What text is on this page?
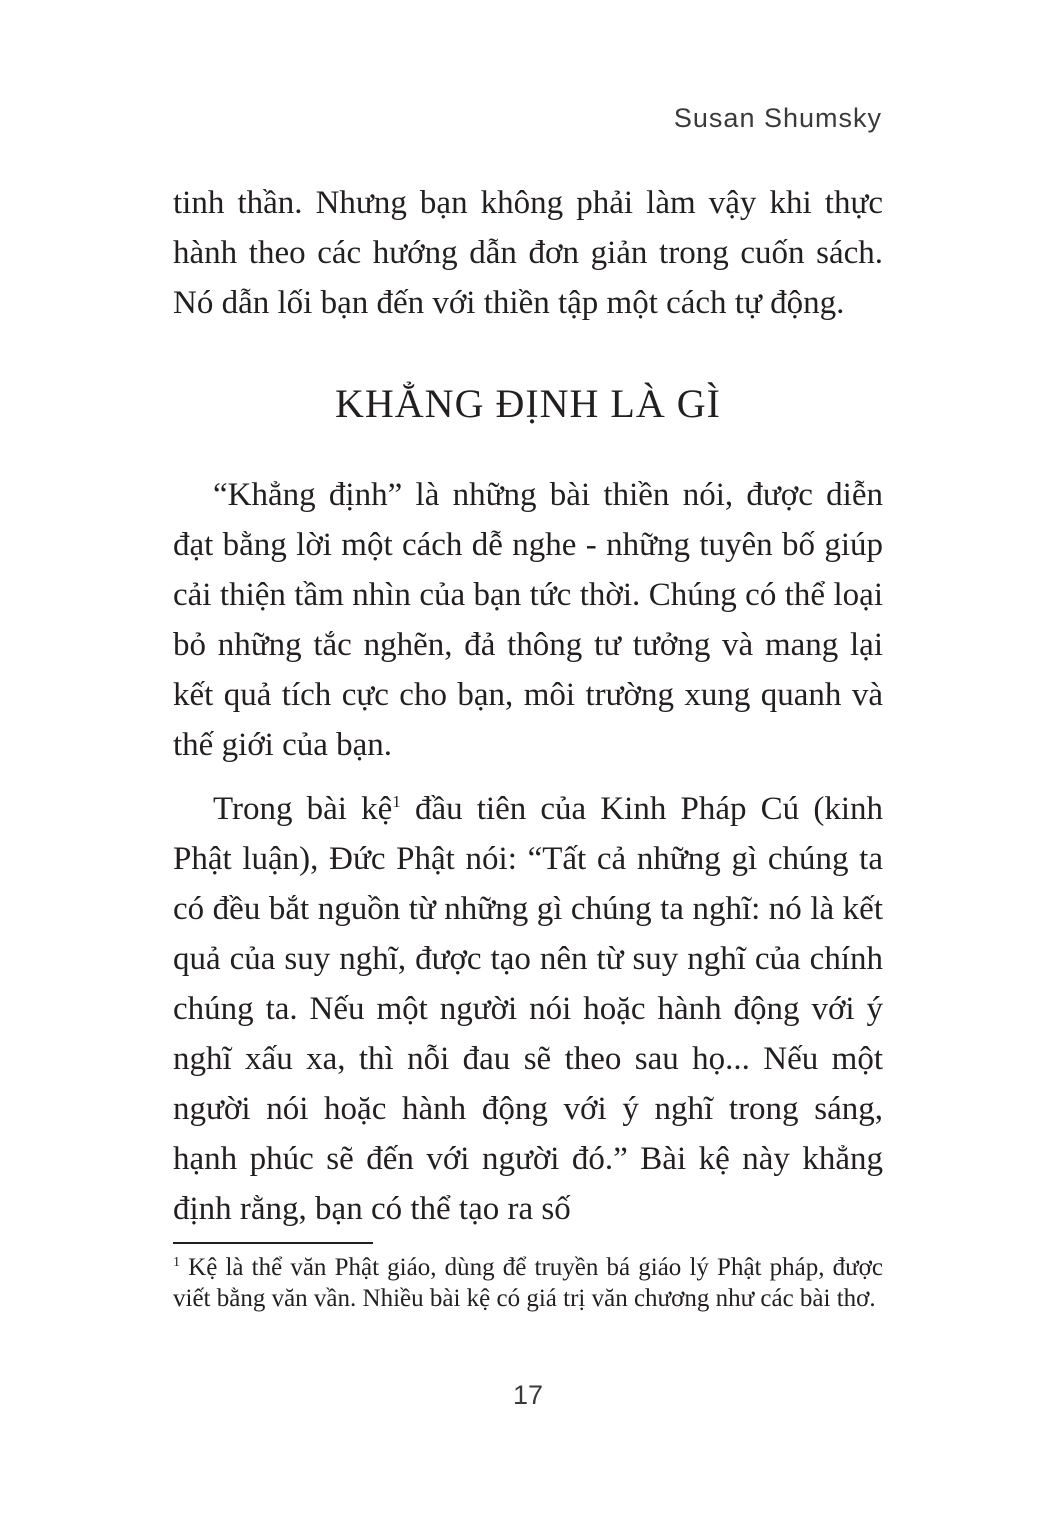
Susan Shumsky

tinh thần. Nhưng bạn không phải làm vậy khi thực hành theo các hướng dẫn đơn giản trong cuốn sách. Nó dẫn lối bạn đến với thiền tập một cách tự động.

KHẲNG ĐỊNH LÀ GÌ

“Khẳng định” là những bài thiền nói, được diễn đạt bằng lời một cách dễ nghe - những tuyên bố giúp cải thiện tầm nhìn của bạn tức thời. Chúng có thể loại bỏ những tắc nghẽn, đả thông tư tưởng và mang lại kết quả tích cực cho bạn, môi trường xung quanh và thế giới của bạn.

Trong bài kệ$^1$ đầu tiên của Kinh Pháp Cú (kinh Phật luận), Đức Phật nói: “Tất cả những gì chúng ta có đều bắt nguồn từ những gì chúng ta nghĩ: nó là kết quả của suy nghĩ, được tạo nên từ suy nghĩ của chính chúng ta. Nếu một người nói hoặc hành động với ý nghĩ xấu xa, thì nỗi đau sẽ theo sau họ... Nếu một người nói hoặc hành động với ý nghĩ trong sáng, hạnh phúc sẽ đến với người đó.” Bài kệ này khẳng định rằng, bạn có thể tạo ra số

$^1$ Kệ là thể văn Phật giáo, dùng để truyền bá giáo lý Phật pháp, được viết bằng văn vần. Nhiều bài kệ có giá trị văn chương như các bài thơ.

17
